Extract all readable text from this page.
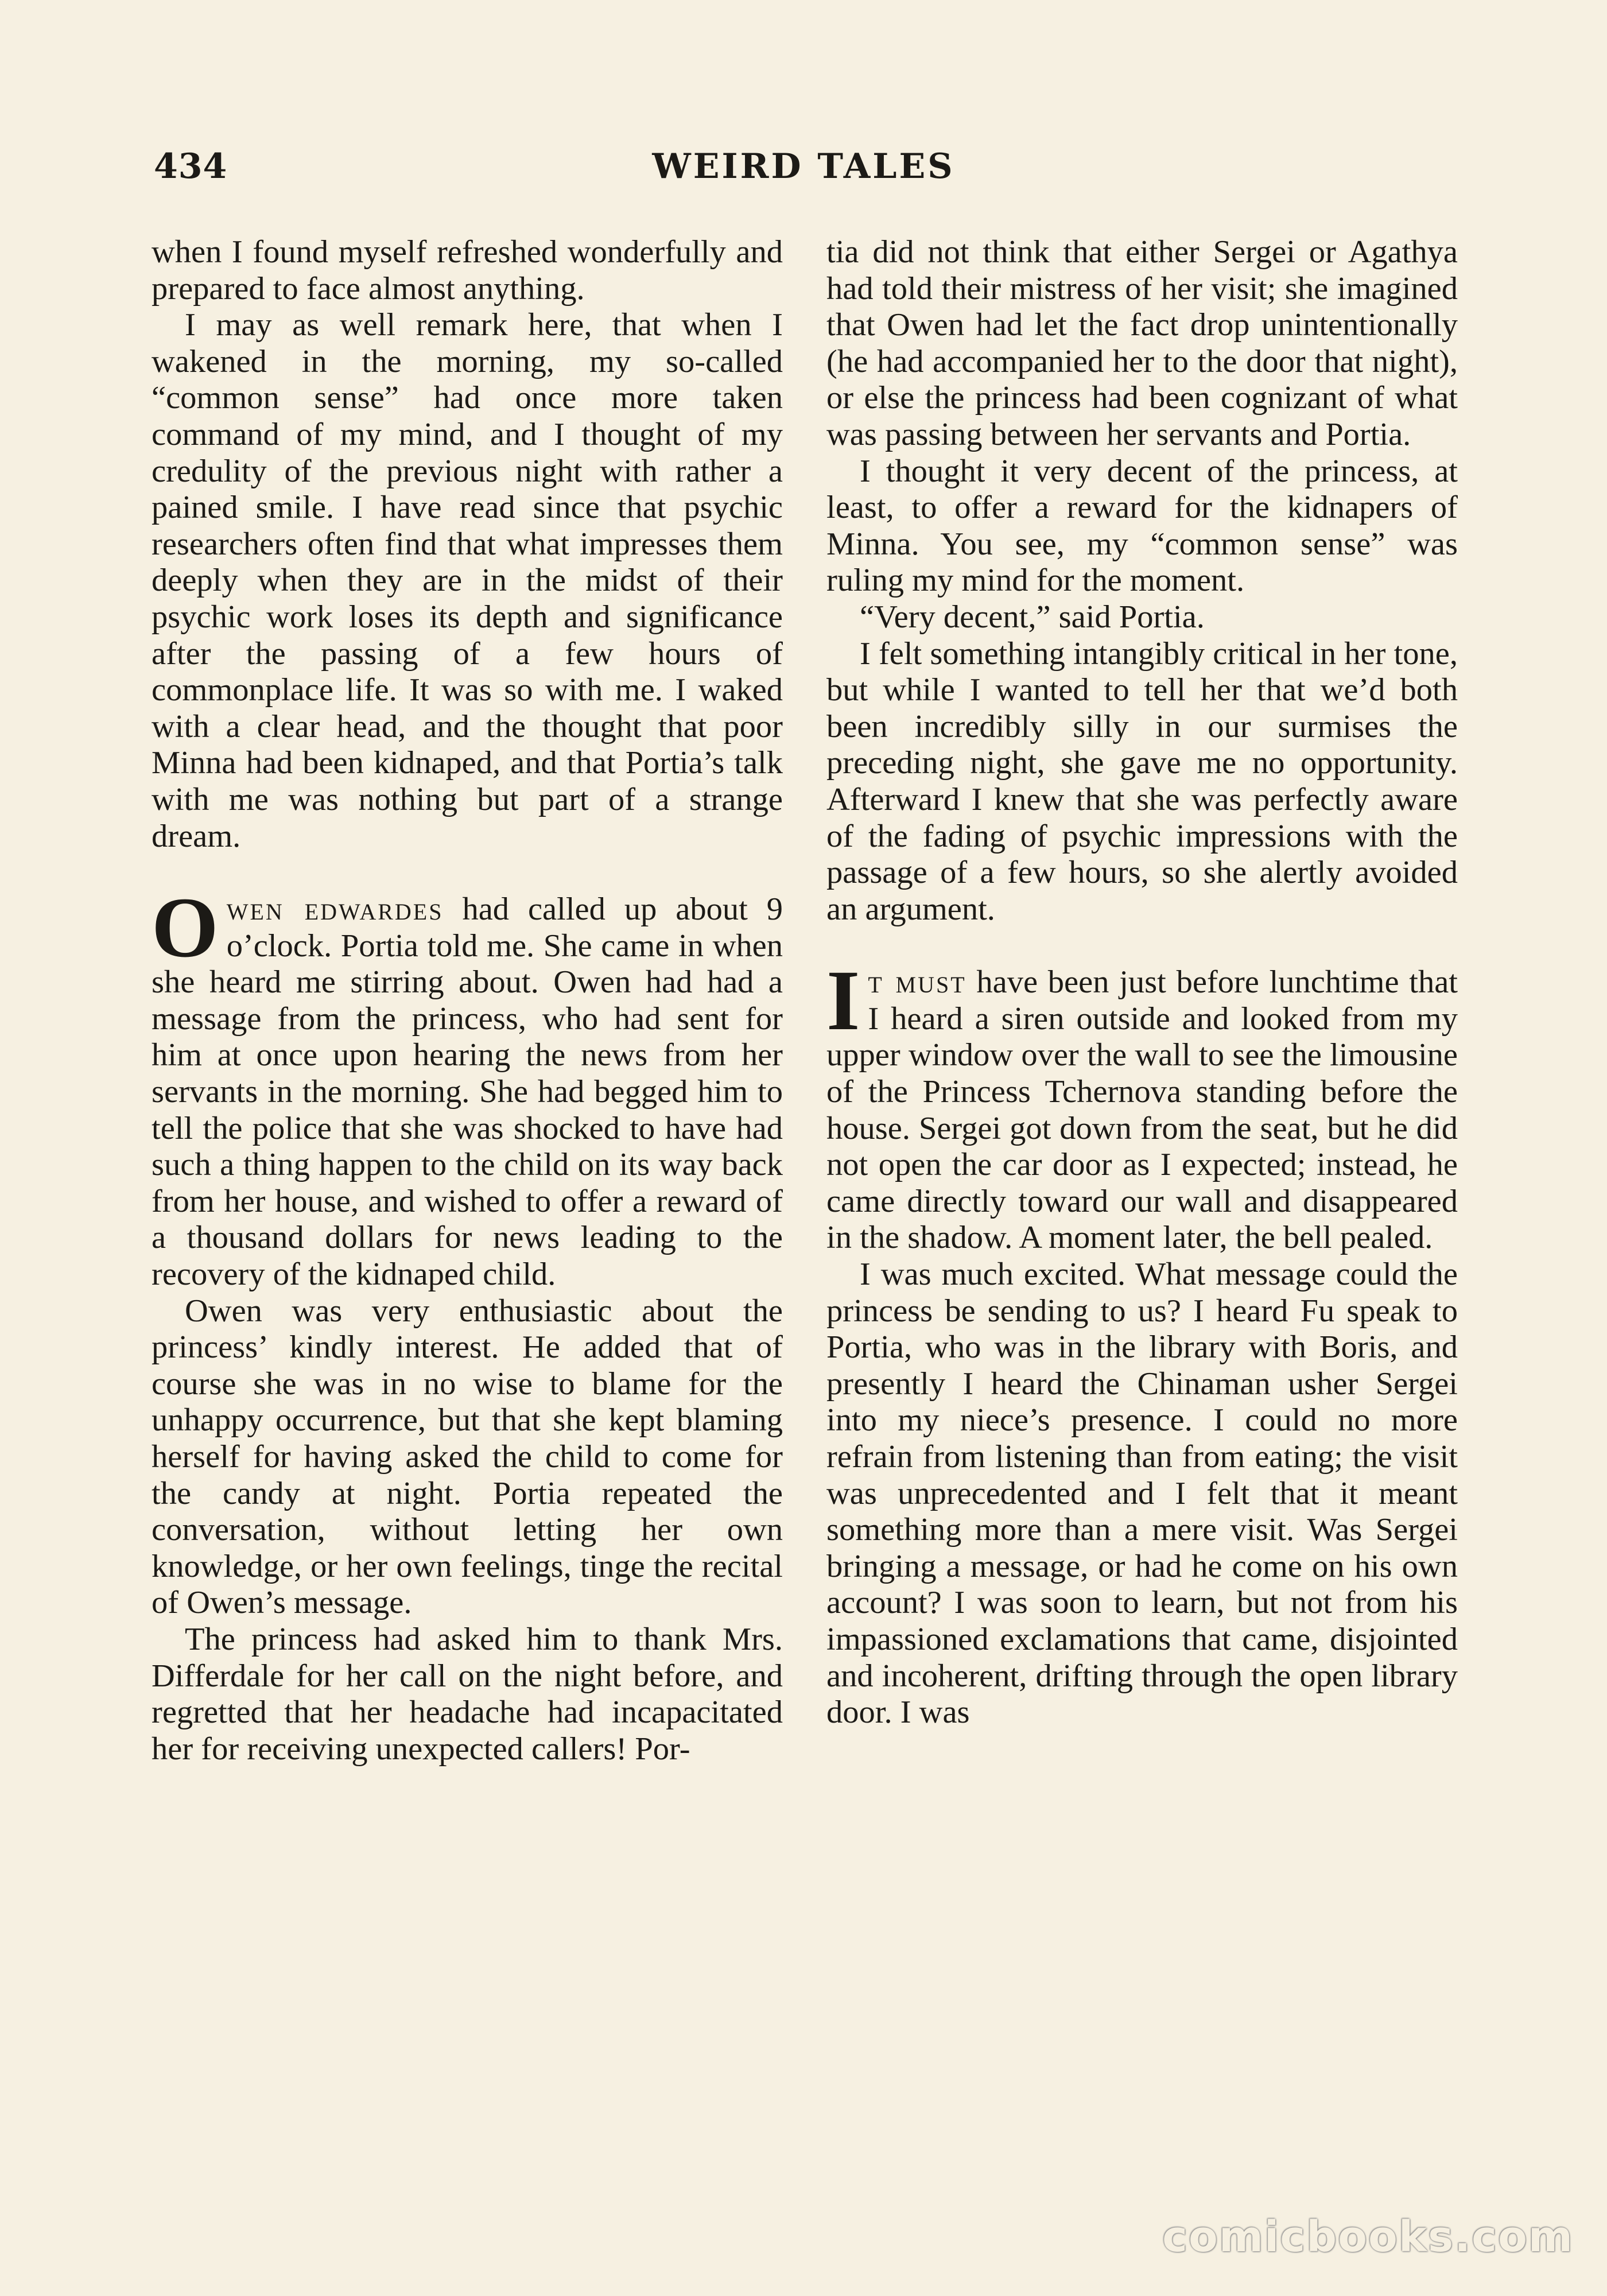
434	WEIRD TALES

when I found myself refreshed wonderfully and prepared to face almost anything.

I may as well remark here, that when I wakened in the morning, my so-called “common sense” had once more taken command of my mind, and I thought of my credulity of the previous night with rather a pained smile. I have read since that psychic researchers often find that what impresses them deeply when they are in the midst of their psychic work loses its depth and significance after the passing of a few hours of commonplace life. It was so with me. I waked with a clear head, and the thought that poor Minna had been kidnaped, and that Portia’s talk with me was nothing but part of a strange dream.

Owen edwardes had called up about 9 o’clock. Portia told me. She came in when she heard me stirring about. Owen had had a message from the princess, who had sent for him at once upon hearing the news from her servants in the morning. She had begged him to tell the police that she was shocked to have had such a thing happen to the child on its way back from her house, and wished to offer a reward of a thousand dollars for news leading to the recovery of the kidnaped child.

Owen was very enthusiastic about the princess’ kindly interest. He added that of course she was in no wise to blame for the unhappy occurrence, but that she kept blaming herself for having asked the child to come for the candy at night. Portia repeated the conversation, without letting her own knowledge, or her own feelings, tinge the recital of Owen’s message.

The princess had asked him to thank Mrs. Differdale for her call on the night before, and regretted that her headache had incapacitated her for receiving unexpected callers! Por-

tia did not think that either Sergei or Agathya had told their mistress of her visit; she imagined that Owen had let the fact drop unintentionally (he had accompanied her to the door that night), or else the princess had been cognizant of what was passing between her servants and Portia.

I thought it very decent of the princess, at least, to offer a reward for the kidnapers of Minna. You see, my “common sense” was ruling my mind for the moment.

“Very decent,” said Portia.

I felt something intangibly critical in her tone, but while I wanted to tell her that we’d both been incredibly silly in our surmises the preceding night, she gave me no opportunity. Afterward I knew that she was perfectly aware of the fading of psychic impressions with the passage of a few hours, so she alertly avoided an argument.

It must have been just before lunchtime that I heard a siren outside and looked from my upper window over the wall to see the limousine of the Princess Tchernova standing before the house. Sergei got down from the seat, but he did not open the car door as I expected; instead, he came directly toward our wall and disappeared in the shadow. A moment later, the bell pealed.

I was much excited. What message could the princess be sending to us? I heard Fu speak to Portia, who was in the library with Boris, and presently I heard the Chinaman usher Sergei into my niece’s presence. I could no more refrain from listening than from eating; the visit was unprecedented and I felt that it meant something more than a mere visit. Was Sergei bringing a message, or had he come on his own account? I was soon to learn, but not from his impassioned exclamations that came, disjointed and incoherent, drifting through the open library door. I was

comicbooks.com
